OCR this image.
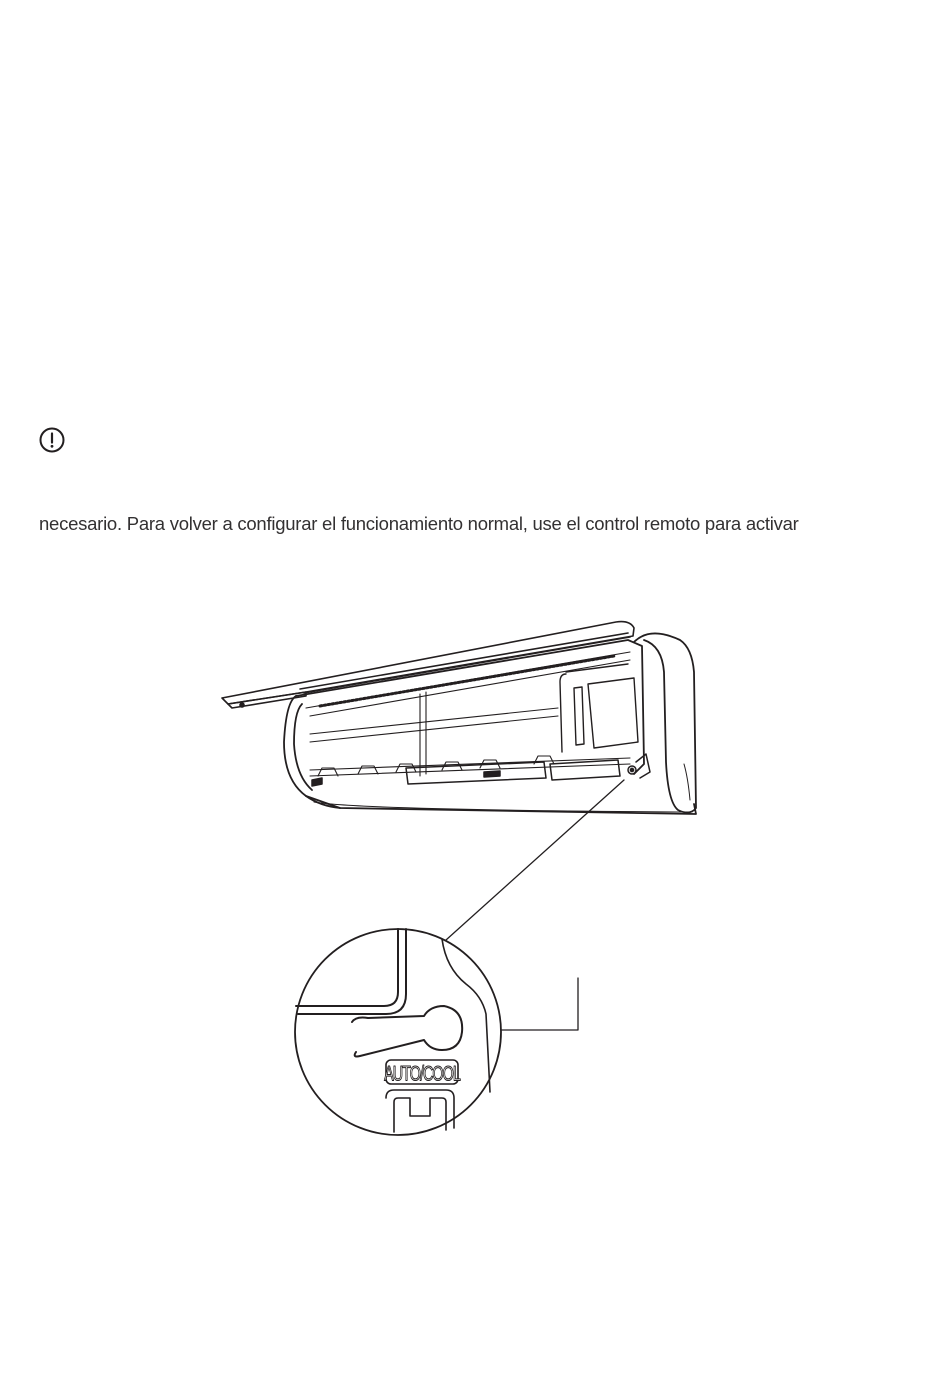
necesario. Para volver a configurar el funcionamiento normal, use el control remoto para activar

AUTO/COOL
